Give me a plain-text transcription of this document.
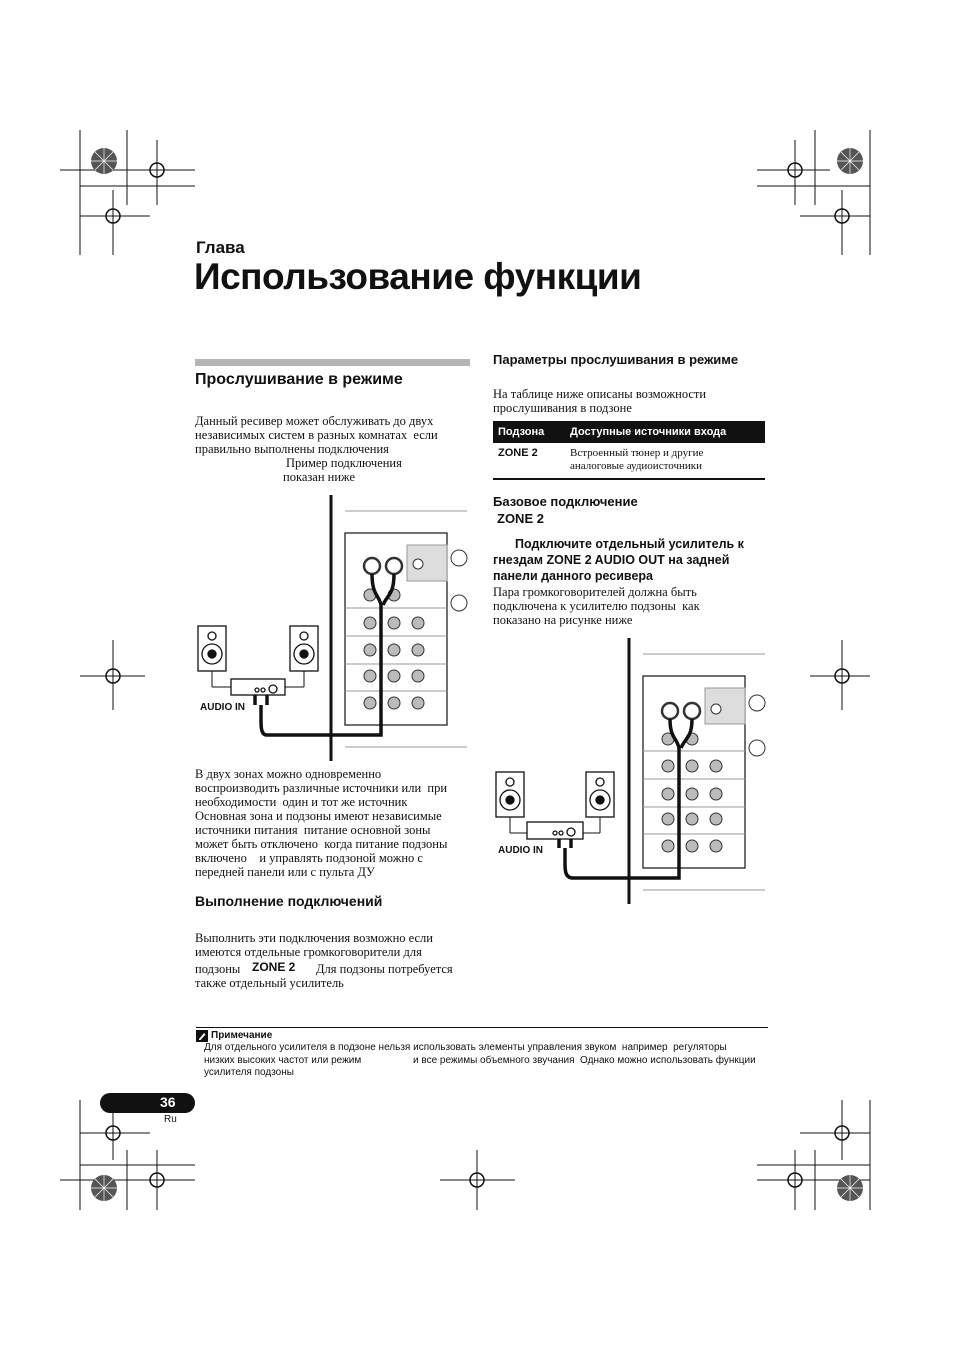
Глава
Использование функции
Прослушивание в режиме
Данный ресивер может обслуживать до двух
независимых систем в разных комнатах  если
правильно выполнены подключения
Пример подключения
показан ниже
AUDIO IN
В двух зонах можно одновременно
воспроизводить различные источники или  при
необходимости  один и тот же источник
Основная зона и подзоны имеют независимые
источники питания  питание основной зоны
может быть отключено  когда питание подзоны
включено    и управлять подзоной можно с
передней панели или с пульта ДУ
Выполнение подключений
Выполнить эти подключения возможно если
имеются отдельные громкоговорители для
подзоны ZONE 2 Для подзоны потребуется
также отдельный усилитель
Параметры прослушивания в режиме
На таблице ниже описаны возможности
прослушивания в подзоне
Подзона	Доступные источники входа
ZONE 2	Встроенный тюнер и другие
аналоговые аудиоисточники
Базовое подключение
ZONE 2
Подключите отдельный усилитель к
гнездам ZONE 2 AUDIO OUT на задней
панели данного ресивера
Пара громкоговорителей должна быть
подключена к усилителю подзоны  как
показано на рисунке ниже
AUDIO IN
Примечание
Для отдельного усилителя в подзоне нельзя использовать элементы управления звуком  например  регуляторы
низких высоких частот или режим	и все режимы объемного звучания  Однако можно использовать функции
усилителя подзоны
36
Ru
